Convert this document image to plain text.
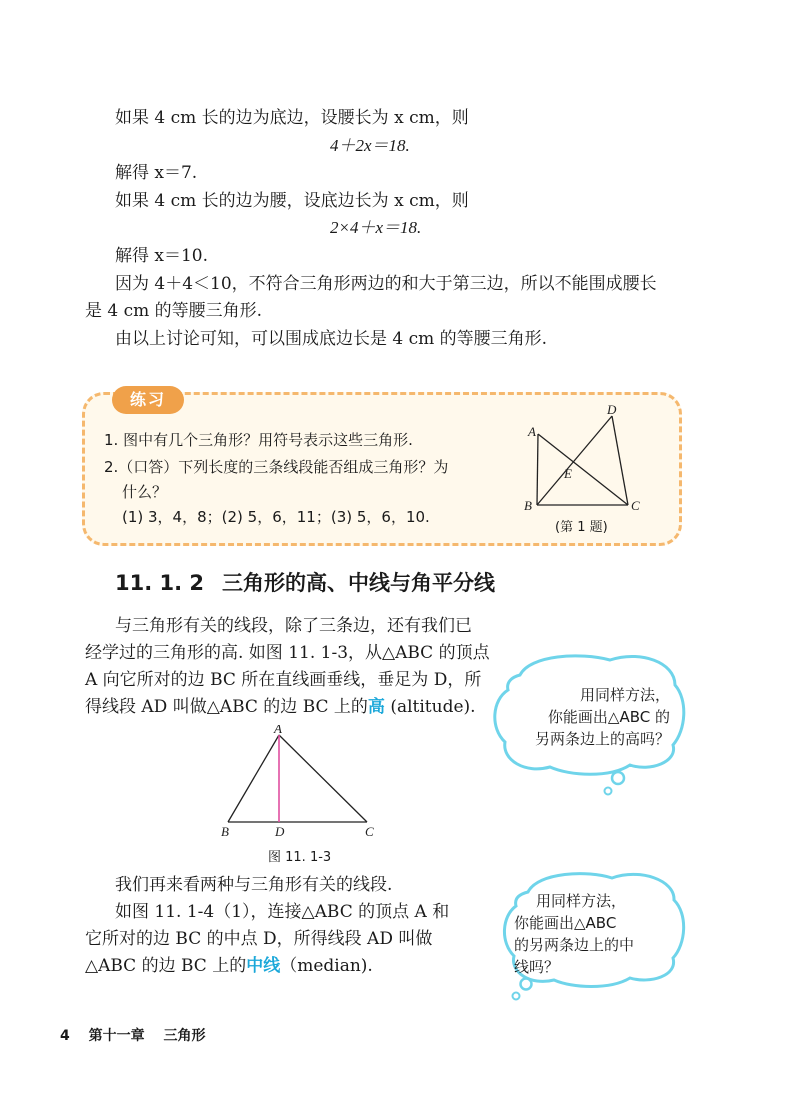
如果 4 cm 长的边为底边，设腰长为 x cm，则
4＋2x＝18.
解得 x＝7.
如果 4 cm 长的边为腰，设底边长为 x cm，则
2×4＋x＝18.
解得 x＝10.
因为 4＋4＜10，不符合三角形两边的和大于第三边，所以不能围成腰长
是 4 cm 的等腰三角形.
由以上讨论可知，可以围成底边长是 4 cm 的等腰三角形.
练习
1. 图中有几个三角形？用符号表示这些三角形.
2.（口答）下列长度的三条线段能否组成三角形？为
什么？
(1) 3，4，8；(2) 5，6，11；(3) 5，6，10.
A
B	C
D
E
(第 1 题)
11. 1. 2 三角形的高、中线与角平分线
与三角形有关的线段，除了三条边，还有我们已
经学过的三角形的高. 如图 11. 1-3，从△ABC 的顶点
A 向它所对的边 BC 所在直线画垂线，垂足为 D，所
得线段 AD 叫做△ABC 的边 BC 上的高 (altitude).
A
B	D	C
图 11. 1-3
我们再来看两种与三角形有关的线段.
如图 11. 1-4（1），连接△ABC 的顶点 A 和
它所对的边 BC 的中点 D，所得线段 AD 叫做
△ABC 的边 BC 上的中线（median).
用同样方法，
你能画出△ABC 的
另两条边上的高吗？
用同样方法，
你能画出△ABC
的另两条边上的中
线吗？
4 第十一章 三角形
